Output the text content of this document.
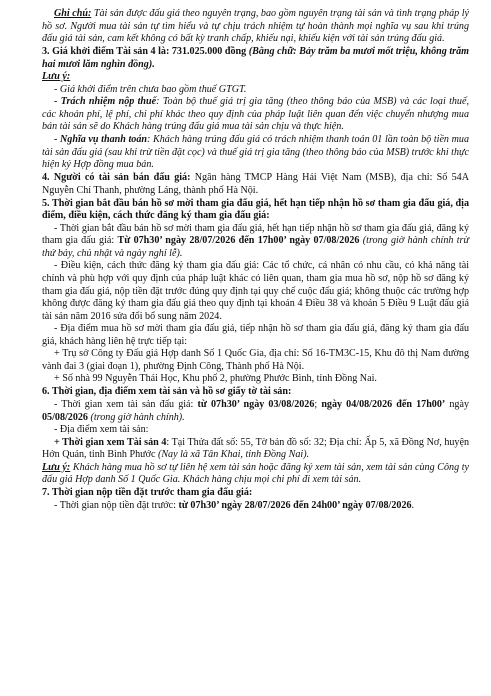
Ghi chú: Tài sản được đấu giá theo nguyên trạng, bao gồm nguyên trạng tài sản và tình trạng pháp lý hồ sơ. Người mua tài sản tự tìm hiểu và tự chịu trách nhiệm tự hoàn thành mọi nghĩa vụ sau khi trúng đấu giá tài sản, cam kết không có bất kỳ tranh chấp, khiếu nại, khiếu kiện với tài sản trúng đấu giá.

3. Giá khởi điểm Tài sản 4 là: 731.025.000 đồng (Bằng chữ: Bảy trăm ba mươi mốt triệu, không trăm hai mươi lăm nghìn đồng).

Lưu ý:

- Giá khởi điểm trên chưa bao gồm thuế GTGT.

- Trách nhiệm nộp thuế: Toàn bộ thuế giá trị gia tăng (theo thông báo của MSB) và các loại thuế, các khoản phí, lệ phí, chi phí khác theo quy định của pháp luật liên quan đến việc chuyển nhượng mua bán tài sản sẽ do Khách hàng trúng đấu giá mua tài sản chịu và thực hiện.

- Nghĩa vụ thanh toán: Khách hàng trúng đấu giá có trách nhiệm thanh toán 01 lần toàn bộ tiền mua tài sản đấu giá (sau khi trừ tiền đặt cọc) và thuế giá trị gia tăng (theo thông báo của MSB) trước khi thực hiện ký Hợp đồng mua bán.

4. Người có tài sản bán đấu giá: Ngân hàng TMCP Hàng Hải Việt Nam (MSB), địa chỉ: Số 54A Nguyễn Chí Thanh, phường Láng, thành phố Hà Nội.

5. Thời gian bắt đầu bán hồ sơ mời tham gia đấu giá, hết hạn tiếp nhận hồ sơ tham gia đấu giá, địa điểm, điều kiện, cách thức đăng ký tham gia đấu giá:

- Thời gian bắt đầu bán hồ sơ mời tham gia đấu giá, hết hạn tiếp nhận hồ sơ tham gia đấu giá, đăng ký tham gia đấu giá: Từ 07h30’ ngày 28/07/2026 đến 17h00’ ngày 07/08/2026 (trong giờ hành chính trừ thứ bảy, chủ nhật và ngày nghỉ lễ).

- Điều kiện, cách thức đăng ký tham gia đấu giá: Các tổ chức, cá nhân có nhu cầu, có khả năng tài chính và phù hợp với quy định của pháp luật khác có liên quan, tham gia mua hồ sơ, nộp hồ sơ đăng ký tham gia đấu giá, nộp tiền đặt trước đúng quy định tại quy chế cuộc đấu giá; không thuộc các trường hợp không được đăng ký tham gia đấu giá theo quy định tại khoản 4 Điều 38 và khoản 5 Điều 9 Luật đấu giá tài sản năm 2016 sửa đổi bổ sung năm 2024.

- Địa điểm mua hồ sơ mời tham gia đấu giá, tiếp nhận hồ sơ tham gia đấu giá, đăng ký tham gia đấu giá, khách hàng liên hệ trực tiếp tại:

+ Trụ sở Công ty Đấu giá Hợp danh Số 1 Quốc Gia, địa chỉ: Số 16-TM3C-15, Khu đô thị Nam đường vành đai 3 (giai đoạn 1), phường Định Công, Thành phố Hà Nội.

+ Số nhà 99 Nguyễn Thái Học, Khu phố 2, phường Phước Bình, tỉnh Đồng Nai.

6. Thời gian, địa điểm xem tài sản và hồ sơ giấy tờ tài sản:

- Thời gian xem tài sản đấu giá: từ 07h30’ ngày 03/08/2026; ngày 04/08/2026 đến 17h00’ ngày 05/08/2026 (trong giờ hành chính).

- Địa điểm xem tài sản:

+ Thời gian xem Tài sản 4: Tại Thửa đất số: 55, Tờ bản đồ số: 32; Địa chỉ: Ấp 5, xã Đồng Nơ, huyện Hớn Quản, tỉnh Bình Phước (Nay là xã Tân Khai, tỉnh Đồng Nai).

Lưu ý: Khách hàng mua hồ sơ tự liên hệ xem tài sản hoặc đăng ký xem tài sản, xem tài sản cùng Công ty đấu giá Hợp danh Số 1 Quốc Gia. Khách hàng chịu mọi chi phí đi xem tài sản.

7. Thời gian nộp tiền đặt trước tham gia đấu giá:

- Thời gian nộp tiền đặt trước: từ 07h30’ ngày 28/07/2026 đến 24h00’ ngày 07/08/2026.
